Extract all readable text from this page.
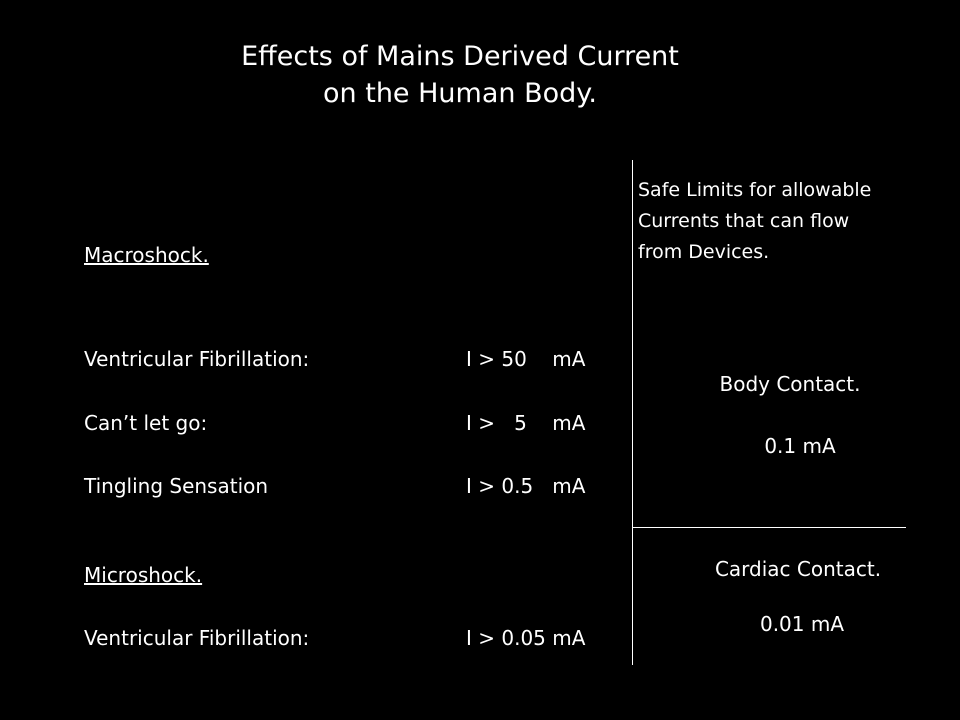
Effects of Mains Derived Current
on the Human Body.
Macroshock.
Ventricular Fibrillation:	I > 50    mA
Can’t let go:	I >   5    mA
Tingling Sensation	I > 0.5   mA
Microshock.
Ventricular Fibrillation:	I > 0.05 mA
Safe Limits for allowable
Currents that can flow
from Devices.
Body Contact.
0.1 mA
Cardiac Contact.
0.01 mA
